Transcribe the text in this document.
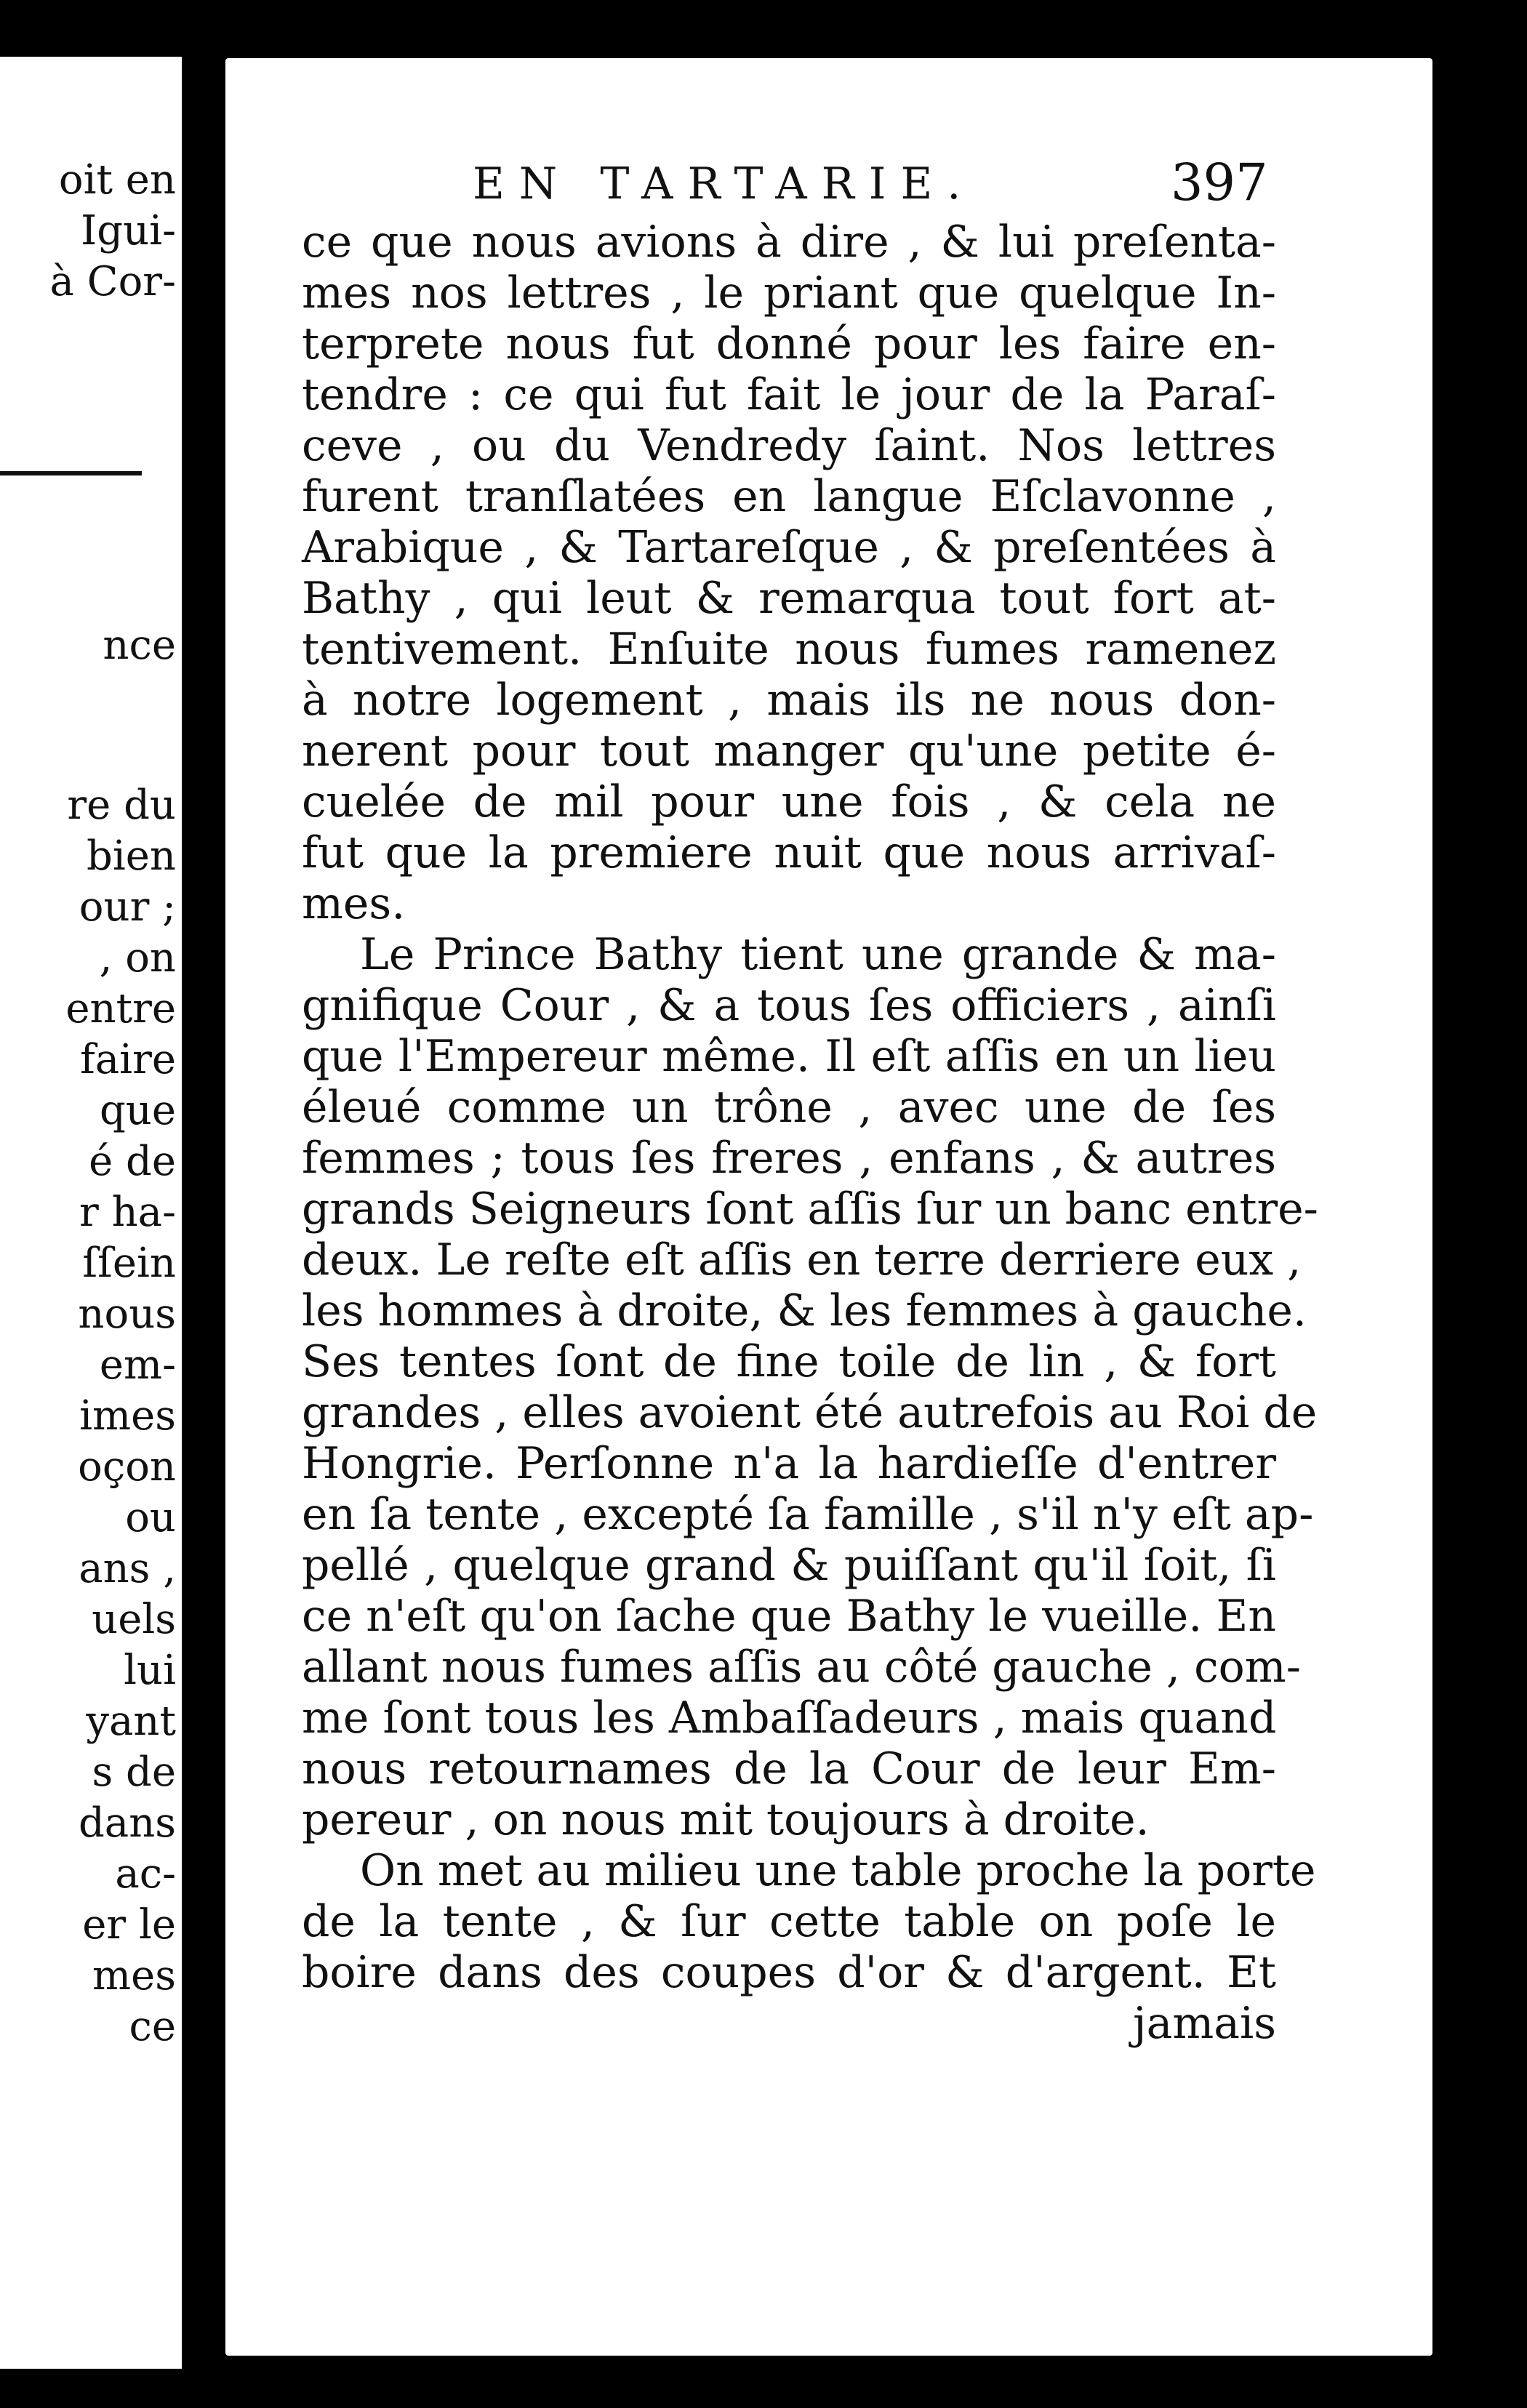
oit en
Igui-
à Cor-
nce
re du
bien
our ;
, on
entre
faire
que
é de
r ha-
ſſein
nous
em-
imes
oçon
ou
ans ,
uels
lui
yant
s de
dans
ac-
er le
mes
ce
EN TARTARIE.	397
ce que nous avions à dire , & lui preſenta-
mes nos lettres , le priant que quelque In-
terprete nous fut donné pour les faire en-
tendre : ce qui fut fait le jour de la Paraſ-
ceve , ou du Vendredy ſaint. Nos lettres
furent tranſlatées en langue Eſclavonne ,
Arabique , & Tartareſque , & preſentées à
Bathy , qui leut & remarqua tout fort at-
tentivement. Enſuite nous fumes ramenez
à notre logement , mais ils ne nous don-
nerent pour tout manger qu'une petite é-
cuelée de mil pour une fois , & cela ne
fut que la premiere nuit que nous arrivaſ-
mes.
Le Prince Bathy tient une grande & ma-
gnifique Cour , & a tous ſes officiers , ainſi
que l'Empereur même. Il eſt aſſis en un lieu
éleué comme un trône , avec une de ſes
femmes ; tous ſes freres , enfans , & autres
grands Seigneurs ſont aſſis ſur un banc entre-
deux. Le reſte eſt aſſis en terre derriere eux ,
les hommes à droite, & les femmes à gauche.
Ses tentes ſont de fine toile de lin , & fort
grandes , elles avoient été autrefois au Roi de
Hongrie. Perſonne n'a la hardieſſe d'entrer
en ſa tente , excepté ſa famille , s'il n'y eſt ap-
pellé , quelque grand & puiſſant qu'il ſoit, ſi
ce n'eſt qu'on ſache que Bathy le vueille. En
allant nous fumes aſſis au côté gauche , com-
me ſont tous les Ambaſſadeurs , mais quand
nous retournames de la Cour de leur Em-
pereur , on nous mit toujours à droite.
On met au milieu une table proche la porte
de la tente , & ſur cette table on poſe le
boire dans des coupes d'or & d'argent. Et
jamais
